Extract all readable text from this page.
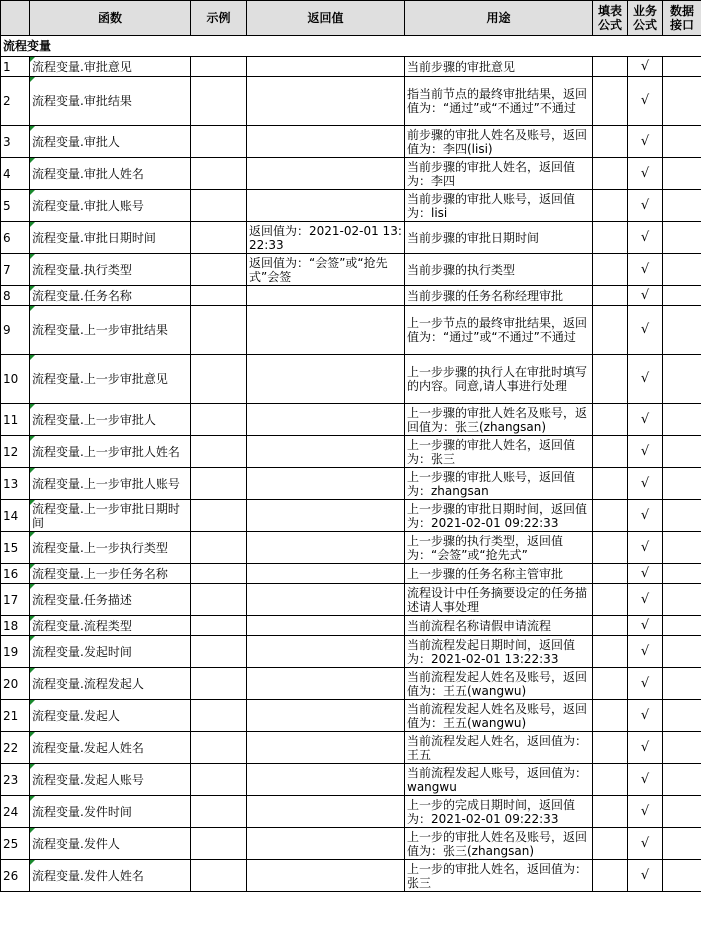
	函数	示例	返回值	用途	填表公式	业务公式	数据接口
流程变量							
1	流程变量.审批意见			当前步骤的审批意见		√	
2	流程变量.审批结果			指当前节点的最终审批结果，返回值为：“通过”或“不通过”不通过		√	
3	流程变量.审批人			前步骤的审批人姓名及账号，返回值为：李四(lisi)		√	
4	流程变量.审批人姓名			当前步骤的审批人姓名，返回值为：李四		√	
5	流程变量.审批人账号			当前步骤的审批人账号，返回值为：lisi		√	
6	流程变量.审批日期时间		返回值为：2021-02-01 13:22:33	当前步骤的审批日期时间		√	
7	流程变量.执行类型		返回值为：“会签”或“抢先式”会签	当前步骤的执行类型		√	
8	流程变量.任务名称			当前步骤的任务名称经理审批		√	
9	流程变量.上一步审批结果			上一步节点的最终审批结果，返回值为：“通过”或“不通过”不通过		√	
10	流程变量.上一步审批意见			上一步步骤的执行人在审批时填写的内容。同意,请人事进行处理		√	
11	流程变量.上一步审批人			上一步骤的审批人姓名及账号，返回值为：张三(zhangsan)		√	
12	流程变量.上一步审批人姓名			上一步骤的审批人姓名，返回值为：张三		√	
13	流程变量.上一步审批人账号			上一步骤的审批人账号，返回值为：zhangsan		√	
14	流程变量.上一步审批日期时间			上一步骤的审批日期时间，返回值为：2021-02-01 09:22:33		√	
15	流程变量.上一步执行类型			上一步骤的执行类型，返回值为：“会签”或“抢先式”		√	
16	流程变量.上一步任务名称			上一步骤的任务名称主管审批		√	
17	流程变量.任务描述			流程设计中任务摘要设定的任务描述请人事处理		√	
18	流程变量.流程类型			当前流程名称请假申请流程		√	
19	流程变量.发起时间			当前流程发起日期时间，返回值为：2021-02-01 13:22:33		√	
20	流程变量.流程发起人			当前流程发起人姓名及账号，返回值为：王五(wangwu)		√	
21	流程变量.发起人			当前流程发起人姓名及账号，返回值为：王五(wangwu)		√	
22	流程变量.发起人姓名			当前流程发起人姓名，返回值为：王五		√	
23	流程变量.发起人账号			当前流程发起人账号，返回值为：wangwu		√	
24	流程变量.发件时间			上一步的完成日期时间，返回值为：2021-02-01 09:22:33		√	
25	流程变量.发件人			上一步的审批人姓名及账号，返回值为：张三(zhangsan)		√	
26	流程变量.发件人姓名			上一步的审批人姓名，返回值为：张三		√	
